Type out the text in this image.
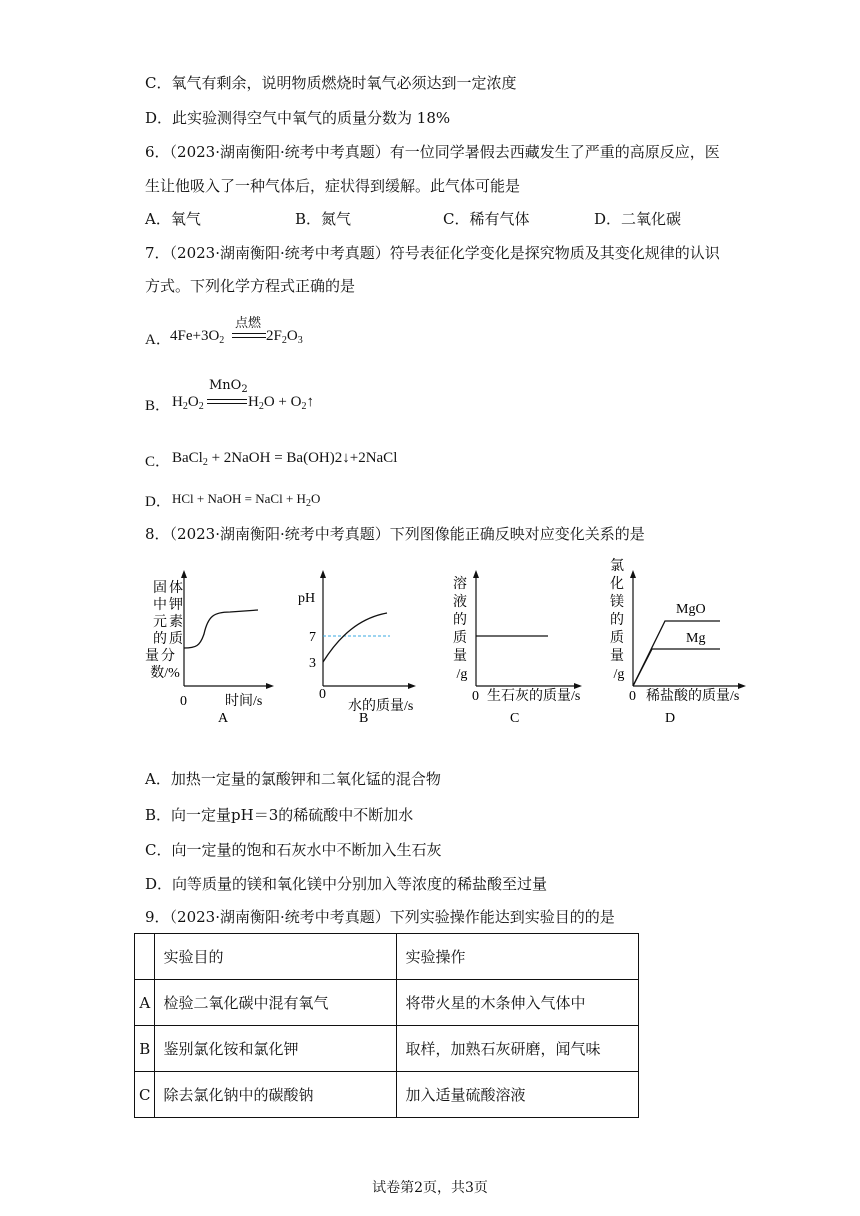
C．氧气有剩余，说明物质燃烧时氧气必须达到一定浓度
D．此实验测得空气中氧气的质量分数为 18%
6．（2023·湖南衡阳·统考中考真题）有一位同学暑假去西藏发生了严重的高原反应，医
生让他吸入了一种气体后，症状得到缓解。此气体可能是
A．氧气	B．氮气	C．稀有气体	D．二氧化碳
7．（2023·湖南衡阳·统考中考真题）符号表征化学变化是探究物质及其变化规律的认识
方式。下列化学方程式正确的是
A． $4Fe+3O_2$
点燃
$2F_2O_3$
B． $H_2O_2$
MnO$_2$
$H_2O$ + $O_2↑$
C． BaCl$_2$ + 2NaOH = Ba(OH)2↓+2NaCl
D． HCl + NaOH = NaCl + $H_2O$
8．（2023·湖南衡阳·统考中考真题）下列图像能正确反映对应变化关系的是
固 体
中 钾
元 素
的 质
量 分
数/%
0	时间/s
A
pH
7
3
0
水的质量/s
B
溶
液
的
质
量
/g
0 生石灰的质量/s
C
氯
化
镁
的
质
量
/g
MgO
Mg
0 稀盐酸的质量/s
D
A．加热一定量的氯酸钾和二氧化锰的混合物
B．向一定量pH＝3的稀硫酸中不断加水
C．向一定量的饱和石灰水中不断加入生石灰
D．向等质量的镁和氧化镁中分别加入等浓度的稀盐酸至过量
9．（2023·湖南衡阳·统考中考真题）下列实验操作能达到实验目的的是
	实验目的	实验操作
A	检验二氧化碳中混有氧气	将带火星的木条伸入气体中
B	鉴别氯化铵和氯化钾	取样，加熟石灰研磨，闻气味
C	除去氯化钠中的碳酸钠	加入适量硫酸溶液
试卷第2页，共3页
